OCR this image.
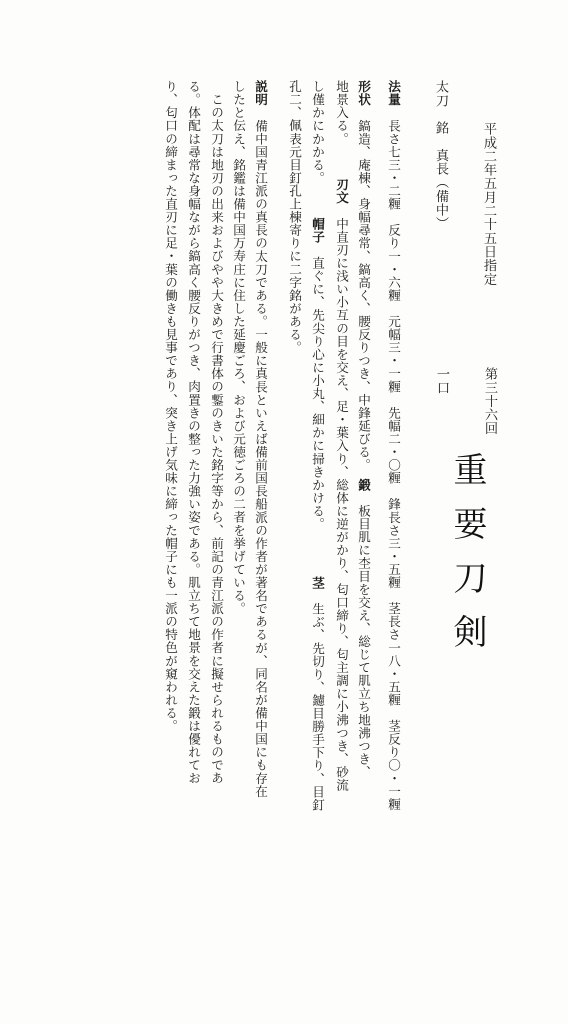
重要刀剣
第三十六回
平成二年五月二十五日指定
一口
太刀　銘　真長（備中）
法量　長さ七三・二糎　反り一・六糎　元幅三・一糎　先幅二・〇糎　鋒長さ三・五糎　茎長さ一八・五糎　茎反り〇・一糎
形状　鎬造、庵棟、身幅尋常、鎬高く、腰反りつき、中鋒延びる。　鍛　板目肌に杢目を交え、総じて肌立ち地沸つき、
地景入る。　　　刃文　中直刃に浅い小互の目を交え、足・葉入り、総体に逆がかり、匂口締り、匂主調に小沸つき、砂流
し僅かにかかる。　　　帽子　直ぐに、先尖り心に小丸、細かに掃きかける。　　　　茎　生ぶ、先切り、鑢目勝手下り、目釘
孔二、佩表元目釘孔上棟寄りに二字銘がある。
説明　備中国青江派の真長の太刀である。一般に真長といえば備前国長船派の作者が著名であるが、同名が備中国にも存在
したと伝え、銘鑑は備中国万寿庄に住した延慶ごろ、および元徳ごろの二者を挙げている。
　この太刀は地刃の出来およびやや大きめで行書体の鏨のきいた銘字等から、前記の青江派の作者に擬せられるものであ
る。体配は尋常な身幅ながら鎬高く腰反りがつき、肉置きの整った力強い姿である。肌立ちて地景を交えた鍛は優れてお
り、匂口の締まった直刃に足・葉の働きも見事であり、突き上げ気味に締った帽子にも一派の特色が窺われる。
